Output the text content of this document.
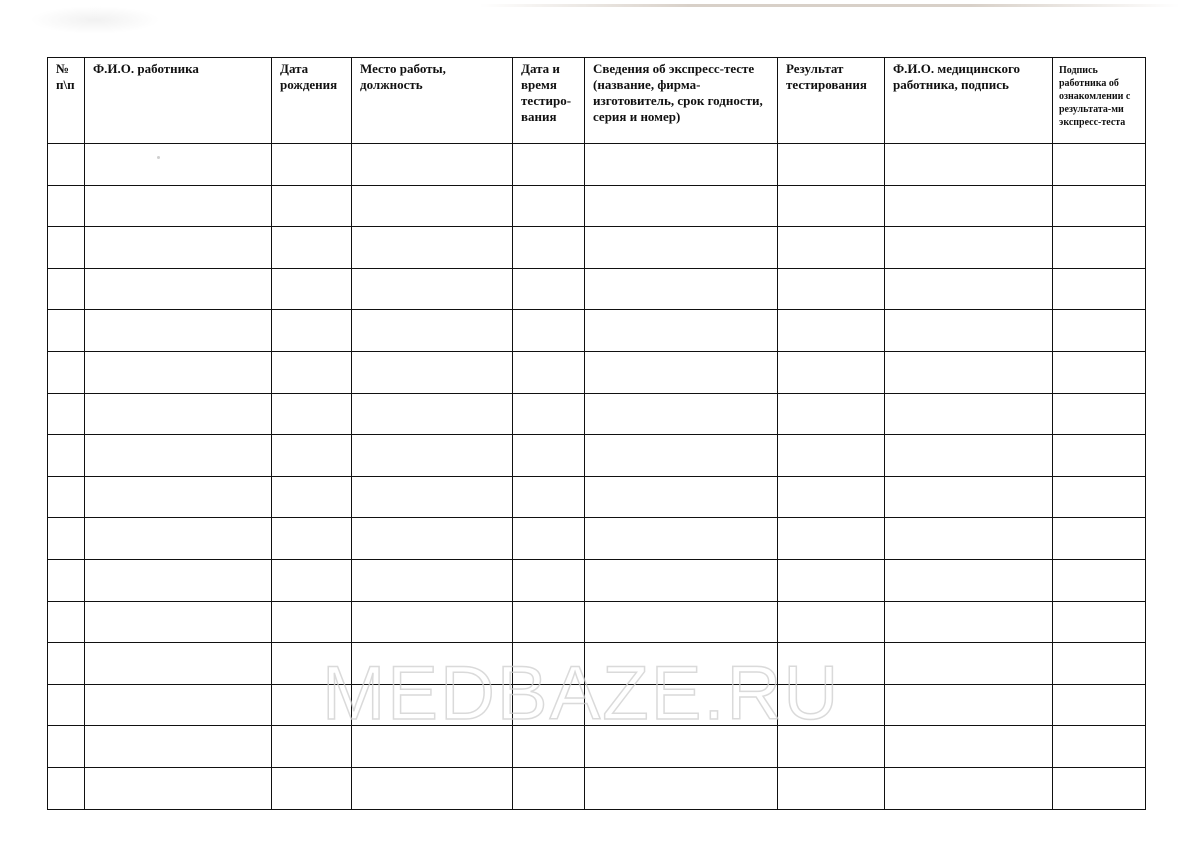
№ п\п	Ф.И.О. работника	Дата рождения	Место работы, должность	Дата и время тестиро-вания	Сведения об экспресс-тесте (название, фирма-изготовитель, срок годности, серия и номер)	Результат тестирования	Ф.И.О. медицинского работника, подпись	Подпись работника об ознакомлении с результата-ми экспресс-теста

MEDBAZE.RU
